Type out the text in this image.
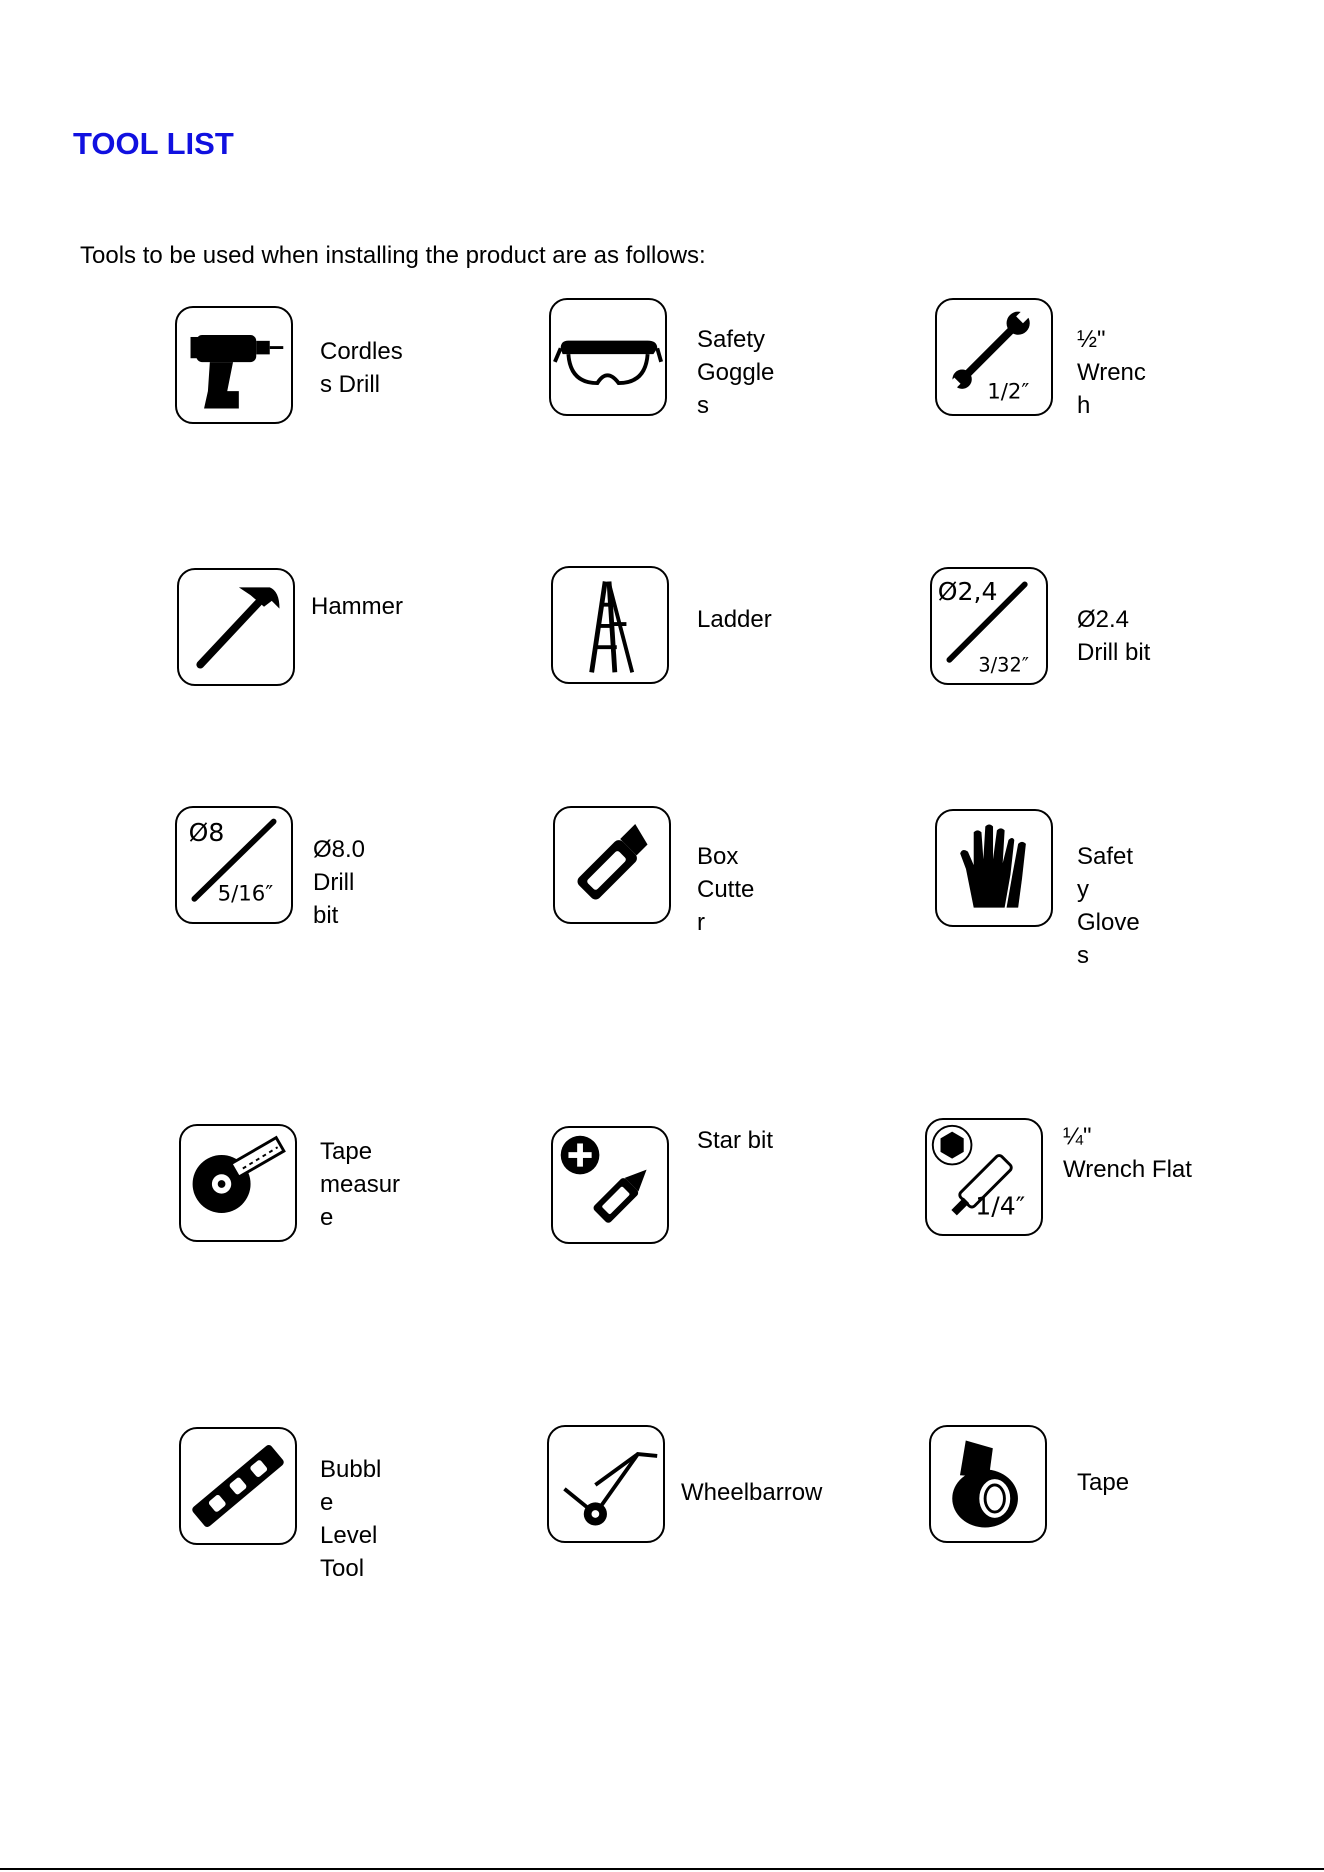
TOOL LIST

Tools to be used when installing the product are as follows:

Cordles
s Drill
Safety
Goggle
s	1/2″
½"
Wrenc
h
Hammer	Ladder
Ø2,4
3/32″
Ø2.4
Drill bit
Ø8
5/16″
Ø8.0
Drill
bit
Box
Cutte
r
Safet
y
Glove
s
Tape
measur
e
Star bit
1/4″
¼"
Wrench Flat
Bubbl
e
Level
Tool
Wheelbarrow	Tape
